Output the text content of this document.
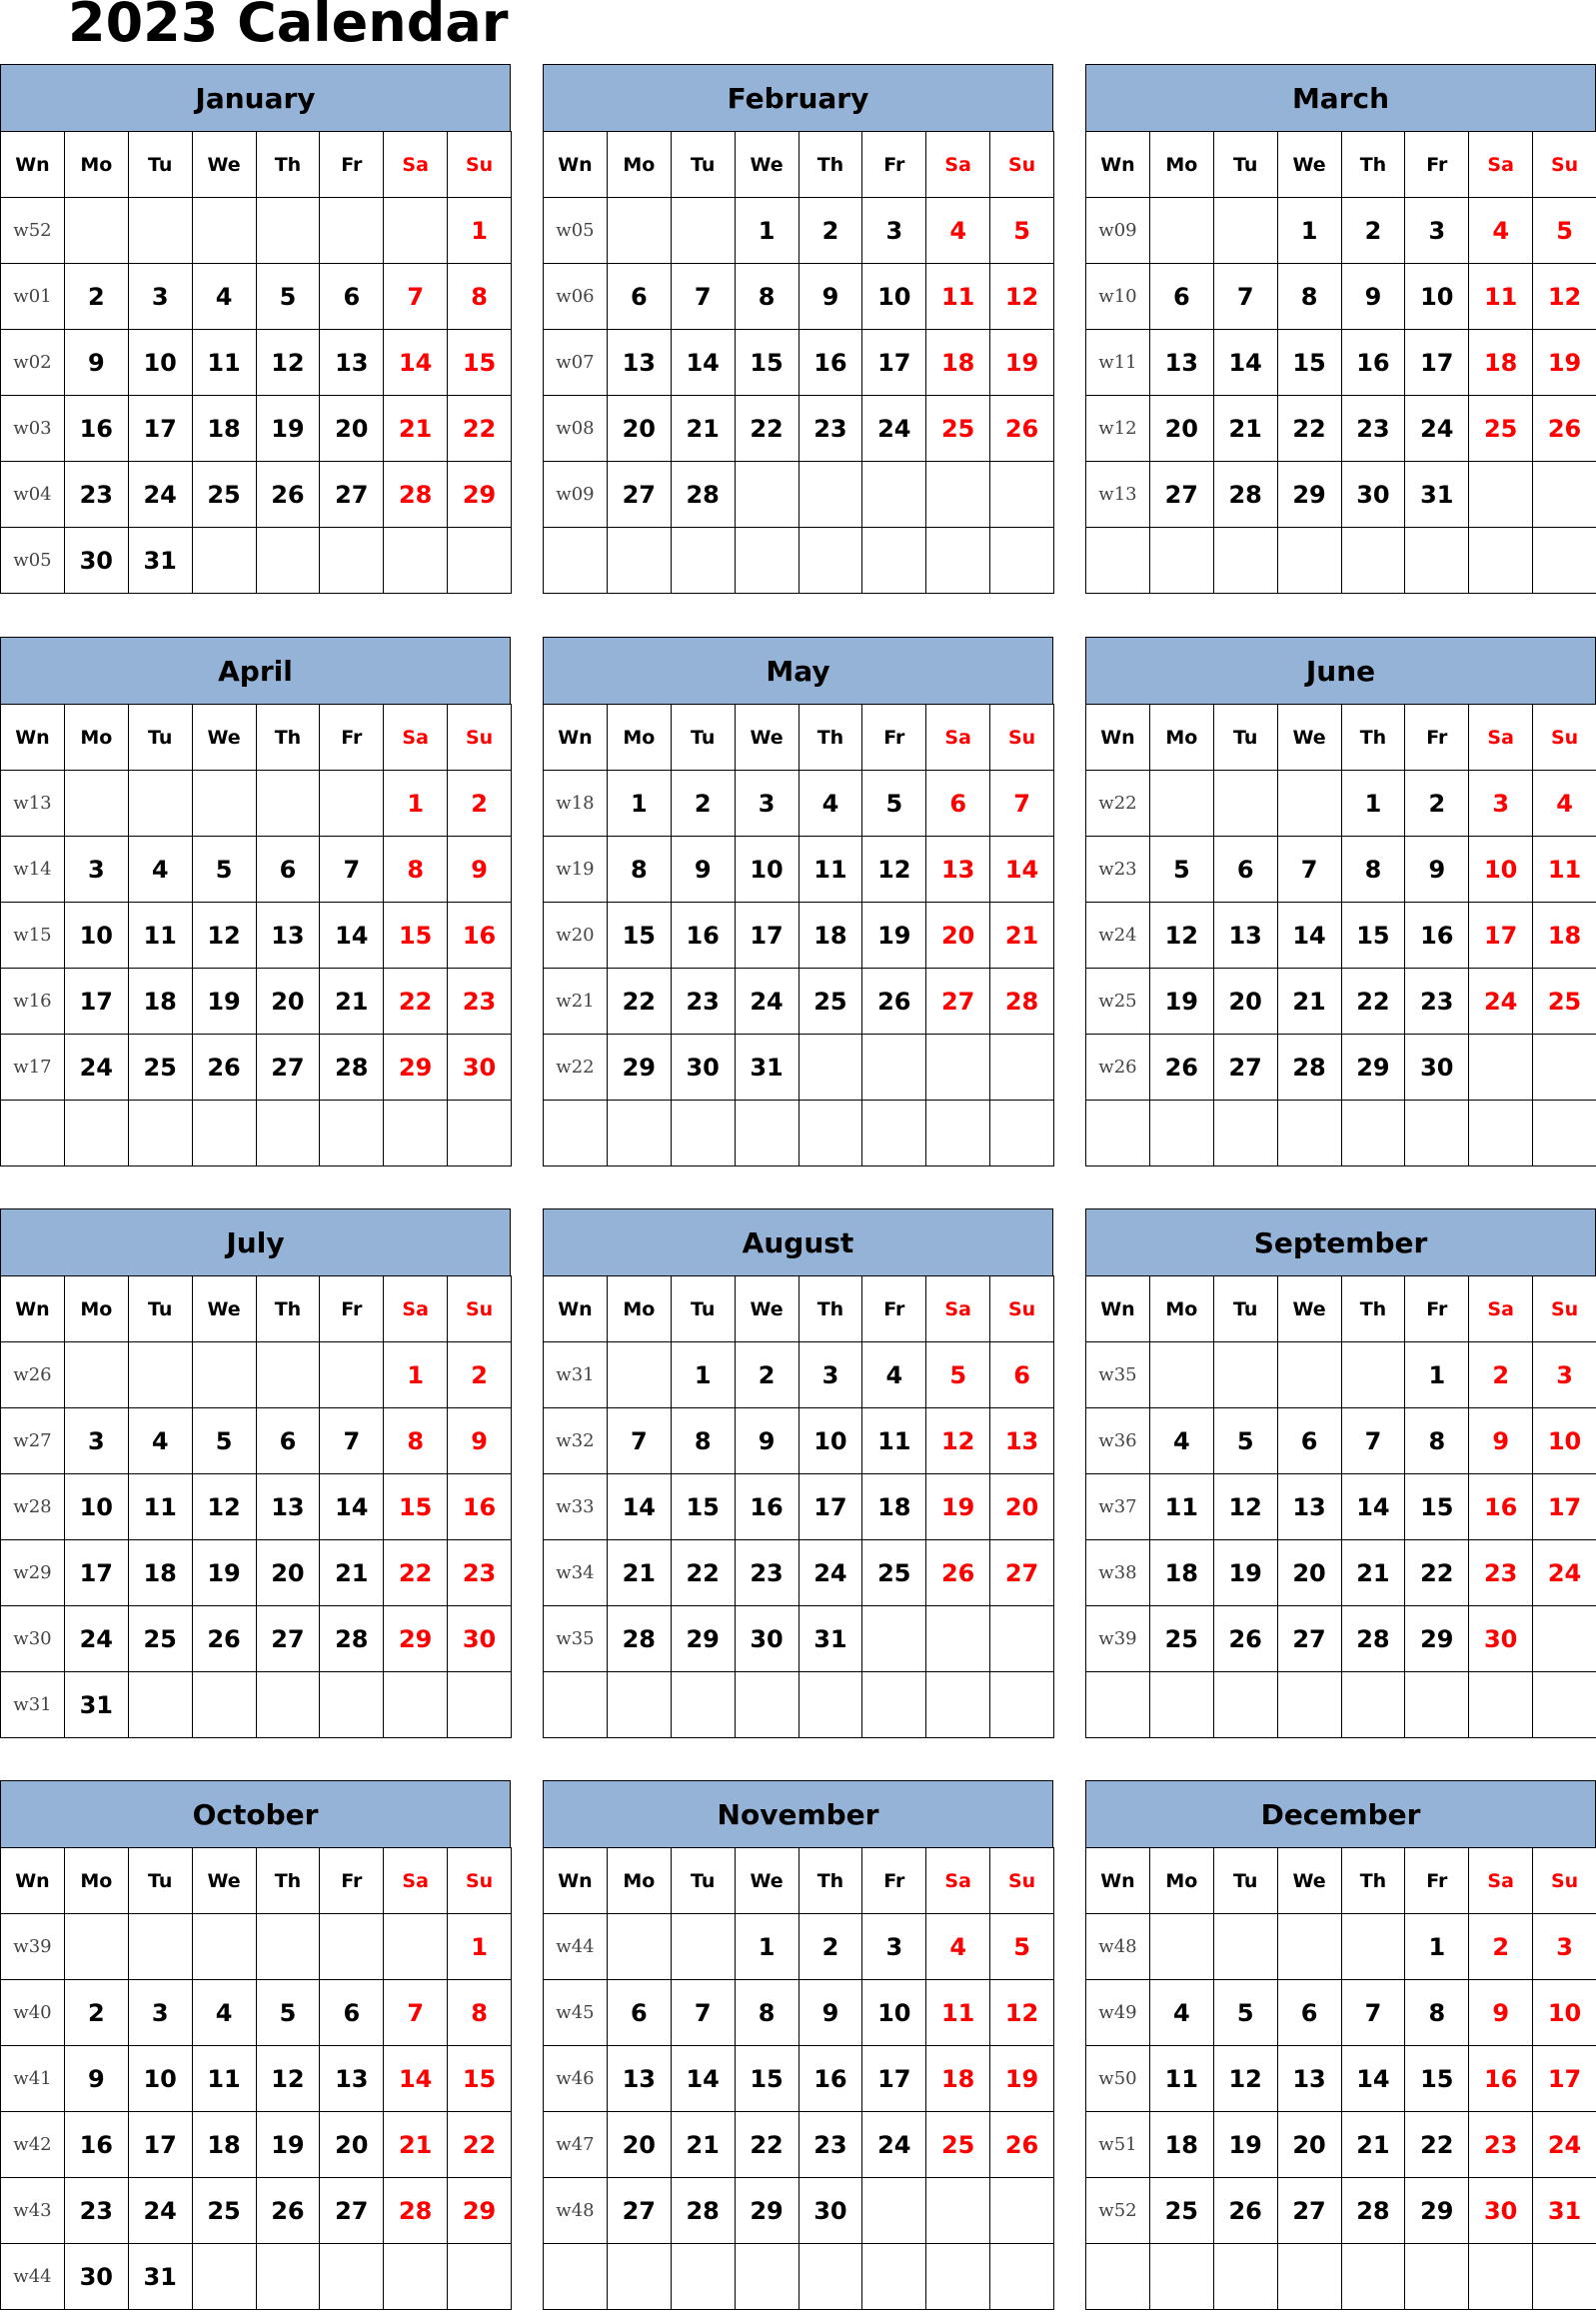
2023 Calendar
January
Wn	Mo	Tu	We	Th	Fr	Sa	Su
w52							1
w01	2	3	4	5	6	7	8
w02	9	10	11	12	13	14	15
w03	16	17	18	19	20	21	22
w04	23	24	25	26	27	28	29
w05	30	31					
February
Wn	Mo	Tu	We	Th	Fr	Sa	Su
w05			1	2	3	4	5
w06	6	7	8	9	10	11	12
w07	13	14	15	16	17	18	19
w08	20	21	22	23	24	25	26
w09	27	28					

March
Wn	Mo	Tu	We	Th	Fr	Sa	Su
w09			1	2	3	4	5
w10	6	7	8	9	10	11	12
w11	13	14	15	16	17	18	19
w12	20	21	22	23	24	25	26
w13	27	28	29	30	31		

April
Wn	Mo	Tu	We	Th	Fr	Sa	Su
w13						1	2
w14	3	4	5	6	7	8	9
w15	10	11	12	13	14	15	16
w16	17	18	19	20	21	22	23
w17	24	25	26	27	28	29	30

May
Wn	Mo	Tu	We	Th	Fr	Sa	Su
w18	1	2	3	4	5	6	7
w19	8	9	10	11	12	13	14
w20	15	16	17	18	19	20	21
w21	22	23	24	25	26	27	28
w22	29	30	31				

June
Wn	Mo	Tu	We	Th	Fr	Sa	Su
w22				1	2	3	4
w23	5	6	7	8	9	10	11
w24	12	13	14	15	16	17	18
w25	19	20	21	22	23	24	25
w26	26	27	28	29	30		

July
Wn	Mo	Tu	We	Th	Fr	Sa	Su
w26						1	2
w27	3	4	5	6	7	8	9
w28	10	11	12	13	14	15	16
w29	17	18	19	20	21	22	23
w30	24	25	26	27	28	29	30
w31	31						
August
Wn	Mo	Tu	We	Th	Fr	Sa	Su
w31		1	2	3	4	5	6
w32	7	8	9	10	11	12	13
w33	14	15	16	17	18	19	20
w34	21	22	23	24	25	26	27
w35	28	29	30	31			

September
Wn	Mo	Tu	We	Th	Fr	Sa	Su
w35					1	2	3
w36	4	5	6	7	8	9	10
w37	11	12	13	14	15	16	17
w38	18	19	20	21	22	23	24
w39	25	26	27	28	29	30	

October
Wn	Mo	Tu	We	Th	Fr	Sa	Su
w39							1
w40	2	3	4	5	6	7	8
w41	9	10	11	12	13	14	15
w42	16	17	18	19	20	21	22
w43	23	24	25	26	27	28	29
w44	30	31					
November
Wn	Mo	Tu	We	Th	Fr	Sa	Su
w44			1	2	3	4	5
w45	6	7	8	9	10	11	12
w46	13	14	15	16	17	18	19
w47	20	21	22	23	24	25	26
w48	27	28	29	30			

December
Wn	Mo	Tu	We	Th	Fr	Sa	Su
w48					1	2	3
w49	4	5	6	7	8	9	10
w50	11	12	13	14	15	16	17
w51	18	19	20	21	22	23	24
w52	25	26	27	28	29	30	31
